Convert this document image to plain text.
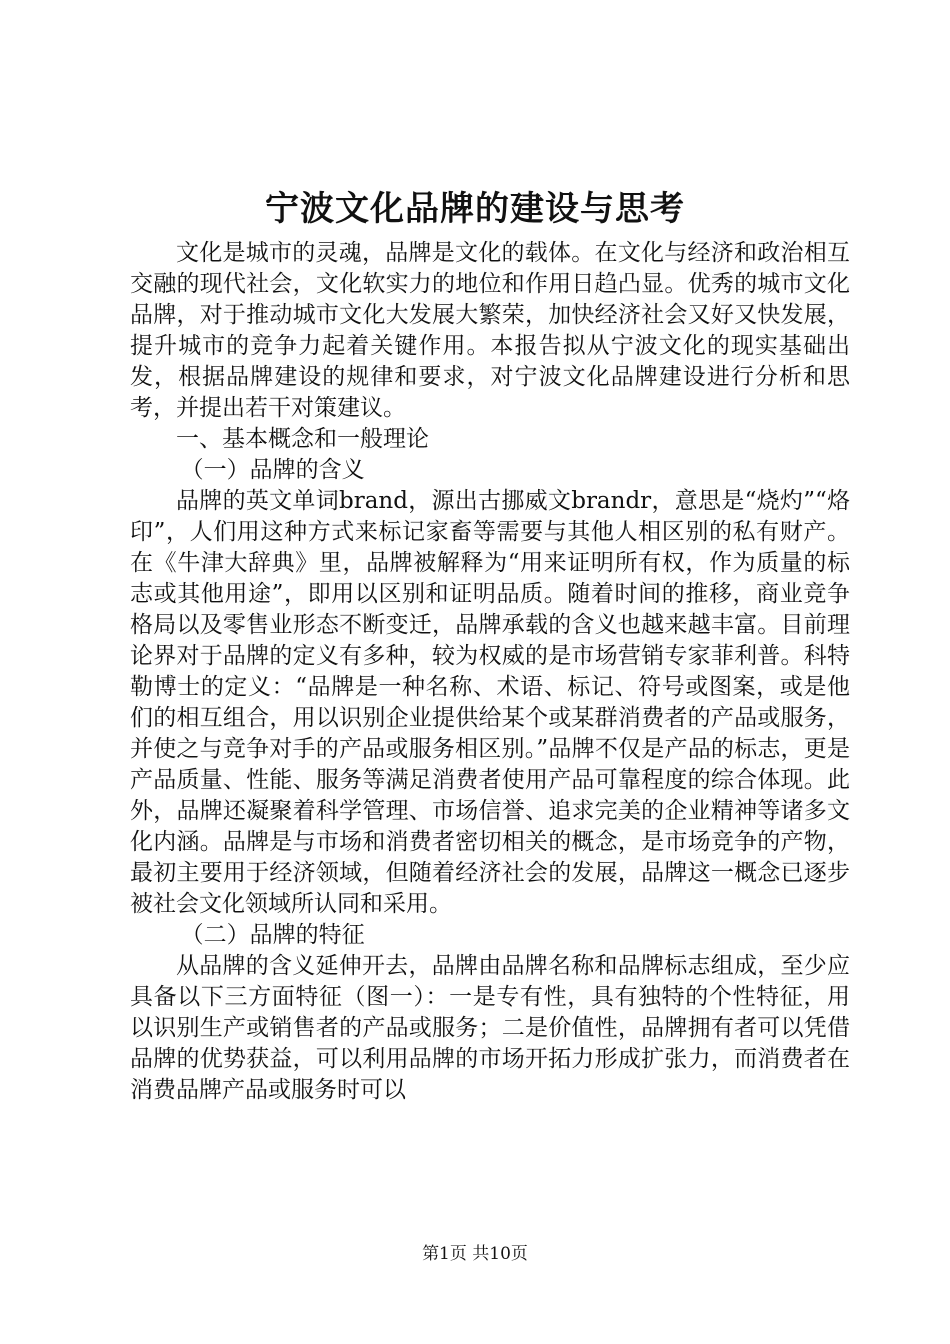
宁波文化品牌的建设与思考

文化是城市的灵魂，品牌是文化的载体。在文化与经济和政治相互交融的现代社会，文化软实力的地位和作用日趋凸显。优秀的城市文化品牌，对于推动城市文化大发展大繁荣，加快经济社会又好又快发展，提升城市的竞争力起着关键作用。本报告拟从宁波文化的现实基础出发，根据品牌建设的规律和要求，对宁波文化品牌建设进行分析和思考，并提出若干对策建议。

一、基本概念和一般理论

（一）品牌的含义

品牌的英文单词brand，源出古挪威文brandr，意思是“烧灼”“烙印”，人们用这种方式来标记家畜等需要与其他人相区别的私有财产。在《牛津大辞典》里，品牌被解释为“用来证明所有权，作为质量的标志或其他用途”，即用以区别和证明品质。随着时间的推移，商业竞争格局以及零售业形态不断变迁，品牌承载的含义也越来越丰富。目前理论界对于品牌的定义有多种，较为权威的是市场营销专家菲利普。科特勒博士的定义：“品牌是一种名称、术语、标记、符号或图案，或是他们的相互组合，用以识别企业提供给某个或某群消费者的产品或服务，并使之与竞争对手的产品或服务相区别。”品牌不仅是产品的标志，更是产品质量、性能、服务等满足消费者使用产品可靠程度的综合体现。此外，品牌还凝聚着科学管理、市场信誉、追求完美的企业精神等诸多文化内涵。品牌是与市场和消费者密切相关的概念，是市场竞争的产物，最初主要用于经济领域，但随着经济社会的发展，品牌这一概念已逐步被社会文化领域所认同和采用。

（二）品牌的特征

从品牌的含义延伸开去，品牌由品牌名称和品牌标志组成，至少应具备以下三方面特征（图一）：一是专有性，具有独特的个性特征，用以识别生产或销售者的产品或服务；二是价值性，品牌拥有者可以凭借品牌的优势获益，可以利用品牌的市场开拓力形成扩张力，而消费者在消费品牌产品或服务时可以

第1页 共10页
